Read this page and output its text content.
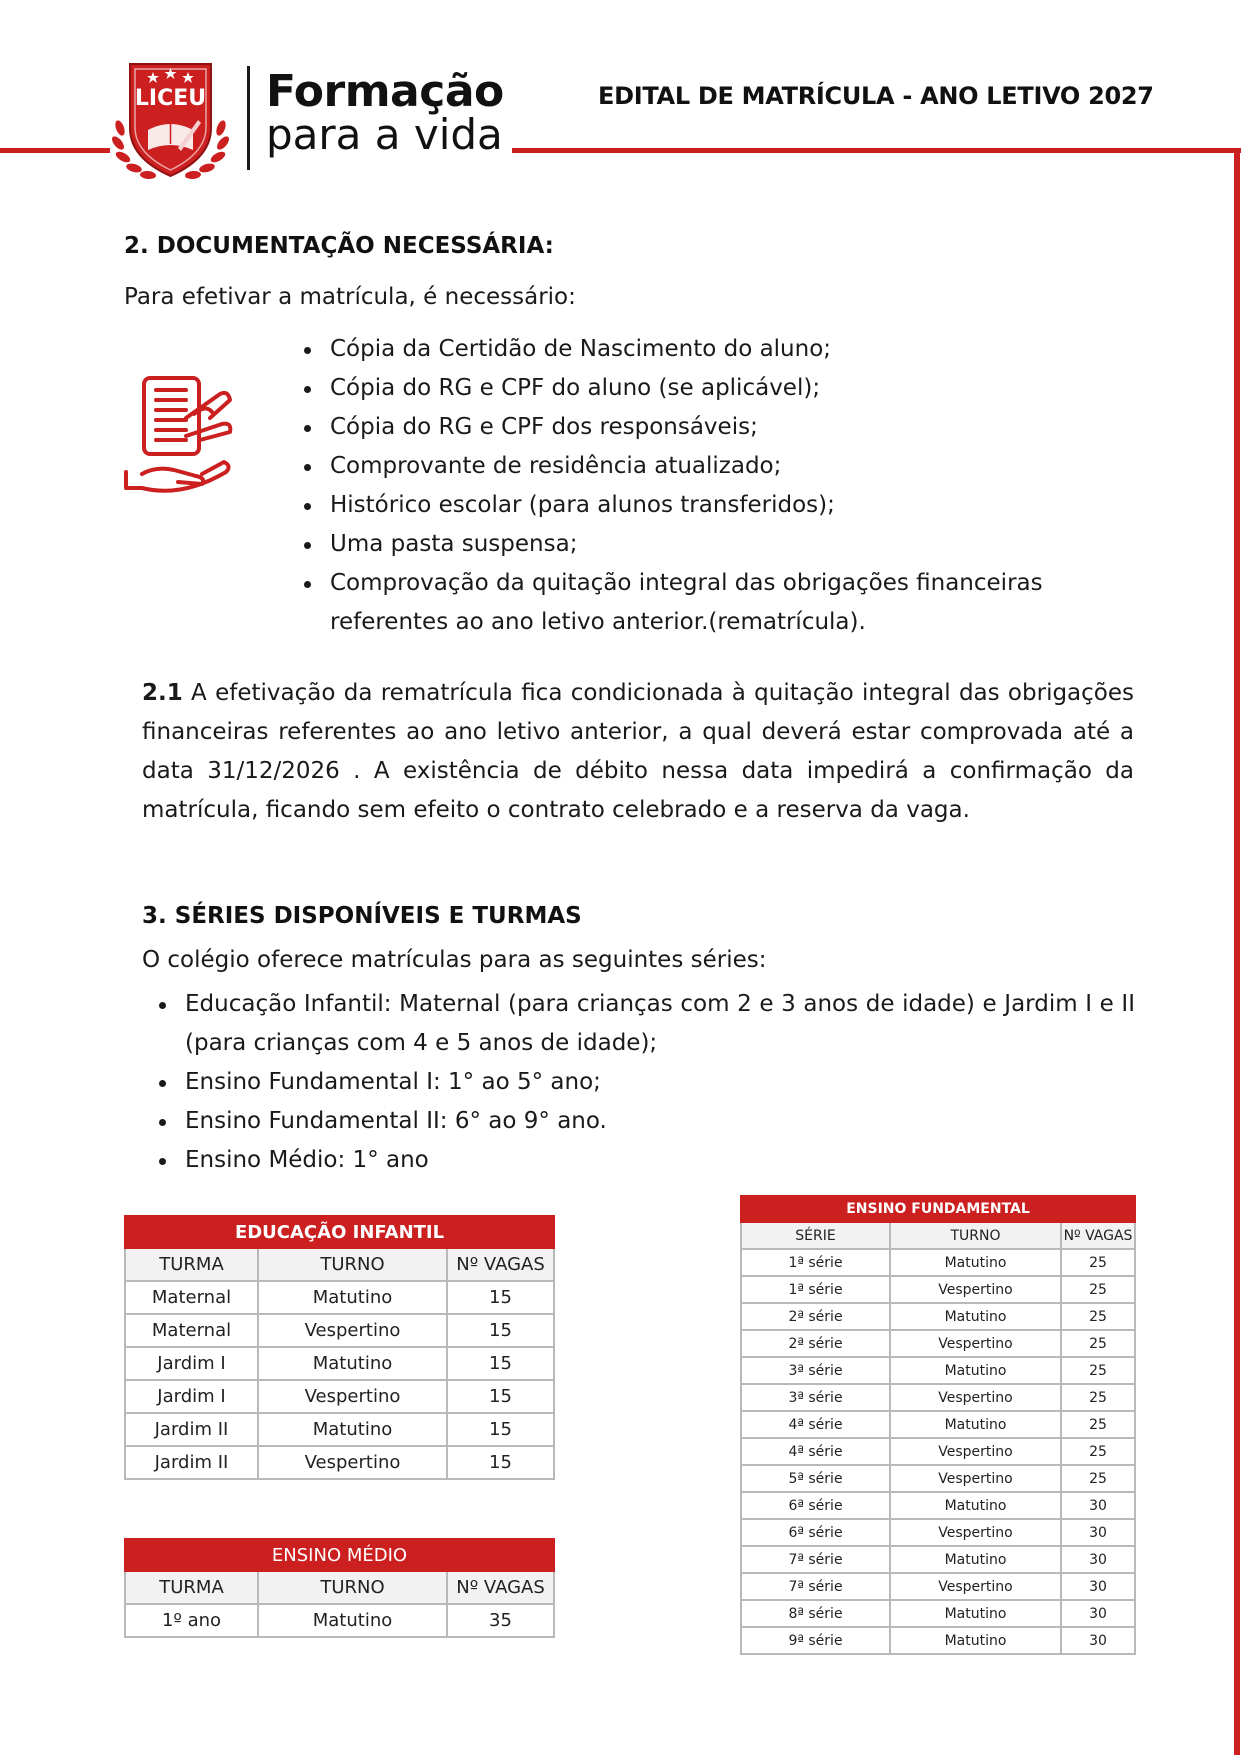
LICEU Formação
para a vida
EDITAL DE MATRÍCULA - ANO LETIVO 2027
2. DOCUMENTAÇÃO NECESSÁRIA:
Para efetivar a matrícula, é necessário:
Cópia da Certidão de Nascimento do aluno;
Cópia do RG e CPF do aluno (se aplicável);
Cópia do RG e CPF dos responsáveis;
Comprovante de residência atualizado;
Histórico escolar (para alunos transferidos);
Uma pasta suspensa;
Comprovação da quitação integral das obrigações financeiras referentes ao ano letivo anterior.(rematrícula).
2.1 A efetivação da rematrícula fica condicionada à quitação integral das obrigações financeiras referentes ao ano letivo anterior, a qual deverá estar comprovada até a data 31/12/2026 . A existência de débito nessa data impedirá a confirmação da matrícula, ficando sem efeito o contrato celebrado e a reserva da vaga.
3. SÉRIES DISPONÍVEIS E TURMAS
O colégio oferece matrículas para as seguintes séries:
Educação Infantil: Maternal (para crianças com 2 e 3 anos de idade) e Jardim I e II (para crianças com 4 e 5 anos de idade);
Ensino Fundamental I: 1° ao 5° ano;
Ensino Fundamental II: 6° ao 9° ano.
Ensino Médio: 1° ano
EDUCAÇÃO INFANTIL		
TURMA	TURNO	Nº VAGAS
Maternal	Matutino	15
Maternal	Vespertino	15
Jardim I	Matutino	15
Jardim I	Vespertino	15
Jardim II	Matutino	15
Jardim II	Vespertino	15
ENSINO MÉDIO		
TURMA	TURNO	Nº VAGAS
1º ano	Matutino	35
ENSINO FUNDAMENTAL		
SÉRIE	TURNO	Nº VAGAS
1ª série	Matutino	25
1ª série	Vespertino	25
2ª série	Matutino	25
2ª série	Vespertino	25
3ª série	Matutino	25
3ª série	Vespertino	25
4ª série	Matutino	25
4ª série	Vespertino	25
5ª série	Vespertino	25
6ª série	Matutino	30
6ª série	Vespertino	30
7ª série	Matutino	30
7ª série	Vespertino	30
8ª série	Matutino	30
9ª série	Matutino	30
